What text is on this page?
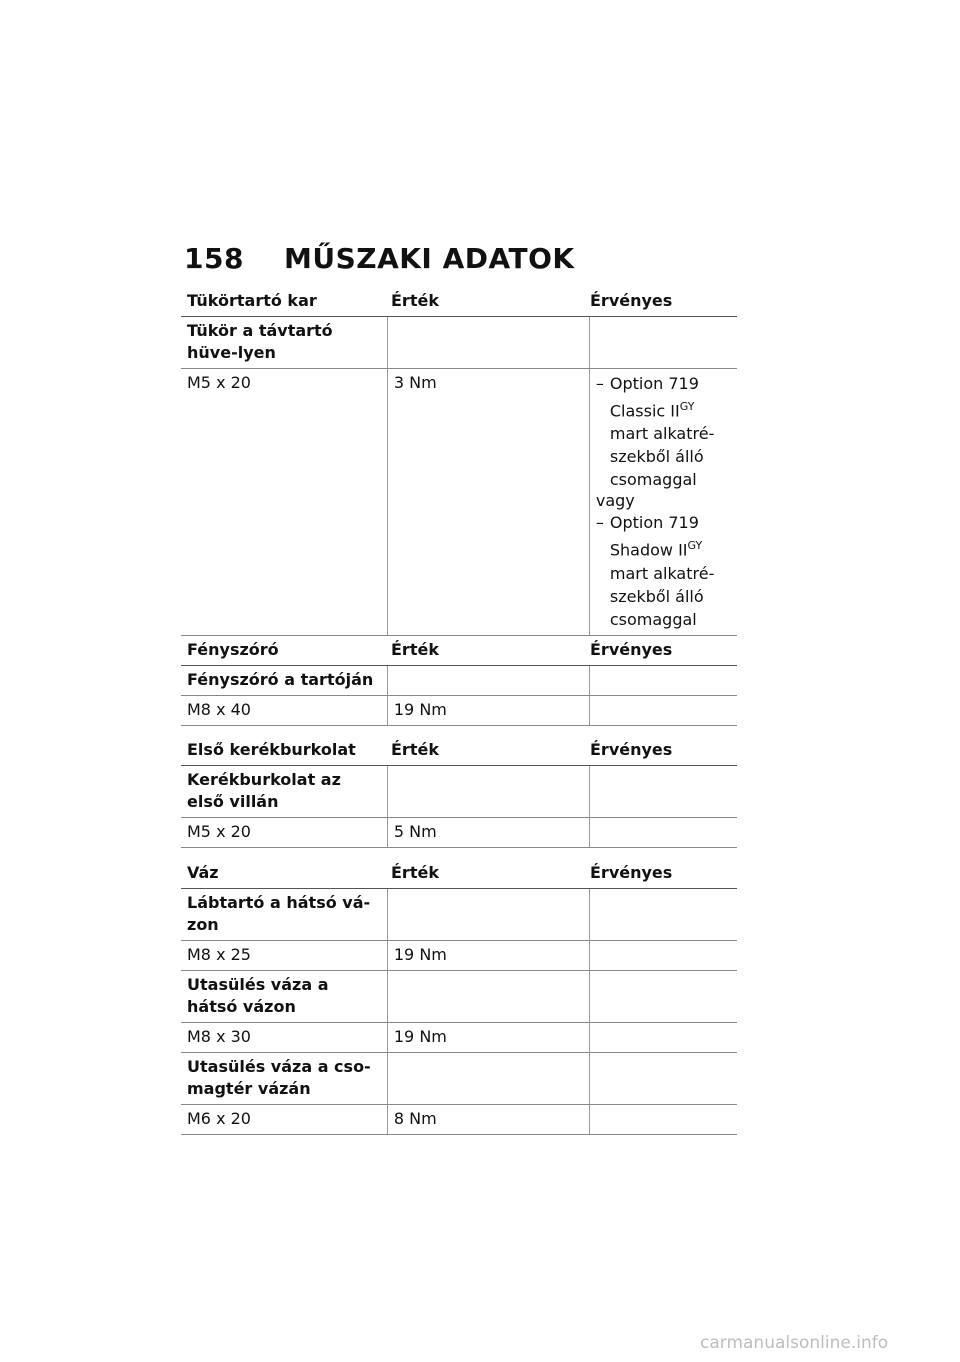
158 MŰSZAKI ADATOK
Tükörtartó kar	Érték	Érvényes
Tükör a távtartó hüve-lyen
M5 x 20	3 Nm	– Option 719
Classic $II^{GY}$
mart alkatré-
szekből álló
csomaggal
vagy
– Option 719
Shadow $II^{GY}$
mart alkatré-
szekből álló
csomaggal
Fényszóró	Érték	Érvényes
Fényszóró a tartóján
M8 x 40	19 Nm
Első kerékburkolat	Érték	Érvényes
Kerékburkolat az első villán
M5 x 20	5 Nm
Váz	Érték	Érvényes
Lábtartó a hátsó vá-zon
M8 x 25	19 Nm
Utasülés váza a hátsó vázon
M8 x 30	19 Nm
Utasülés váza a cso-magtér vázán
M6 x 20	8 Nm
carmanualsonline.info
